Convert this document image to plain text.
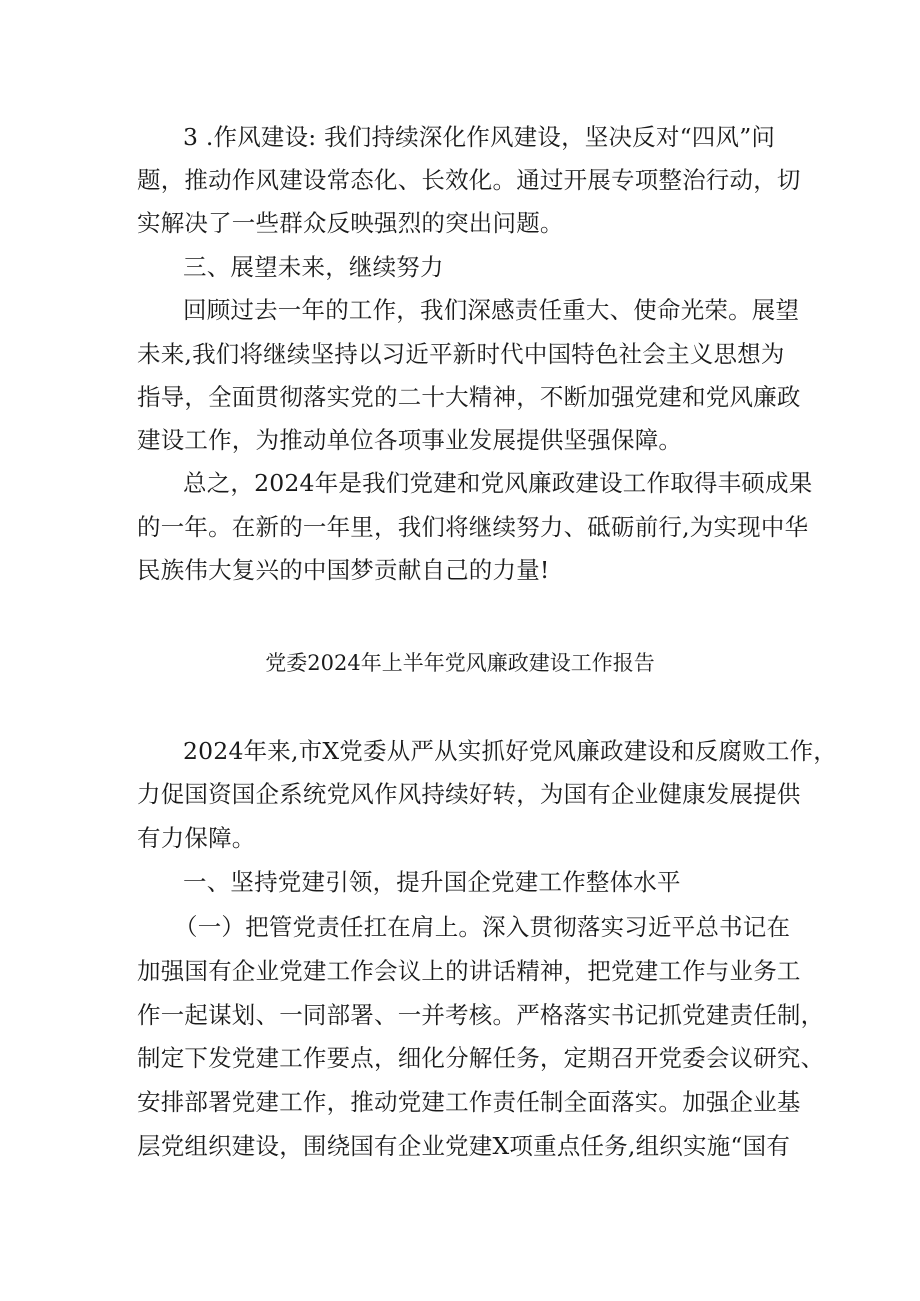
3 .作风建设: 我们持续深化作风建设，坚决反对“四风”问
题，推动作风建设常态化、长效化。通过开展专项整治行动，切
实解决了一些群众反映强烈的突出问题。
三、展望未来，继续努力
回顾过去一年的工作，我们深感责任重大、使命光荣。展望
未来,我们将继续坚持以习近平新时代中国特色社会主义思想为
指导，全面贯彻落实党的二十大精神，不断加强党建和党风廉政
建设工作，为推动单位各项事业发展提供坚强保障。
总之，2024年是我们党建和党风廉政建设工作取得丰硕成果
的一年。在新的一年里，我们将继续努力、砥砺前行,为实现中华
民族伟大复兴的中国梦贡献自己的力量!
党委2024年上半年党风廉政建设工作报告
2024年来,市X党委从严从实抓好党风廉政建设和反腐败工作，
力促国资国企系统党风作风持续好转，为国有企业健康发展提供
有力保障。
一、坚持党建引领，提升国企党建工作整体水平
（一）把管党责任扛在肩上。深入贯彻落实习近平总书记在
加强国有企业党建工作会议上的讲话精神，把党建工作与业务工
作一起谋划、一同部署、一并考核。严格落实书记抓党建责任制，
制定下发党建工作要点，细化分解任务，定期召开党委会议研究、
安排部署党建工作，推动党建工作责任制全面落实。加强企业基
层党组织建设，围绕国有企业党建X项重点任务,组织实施“国有
